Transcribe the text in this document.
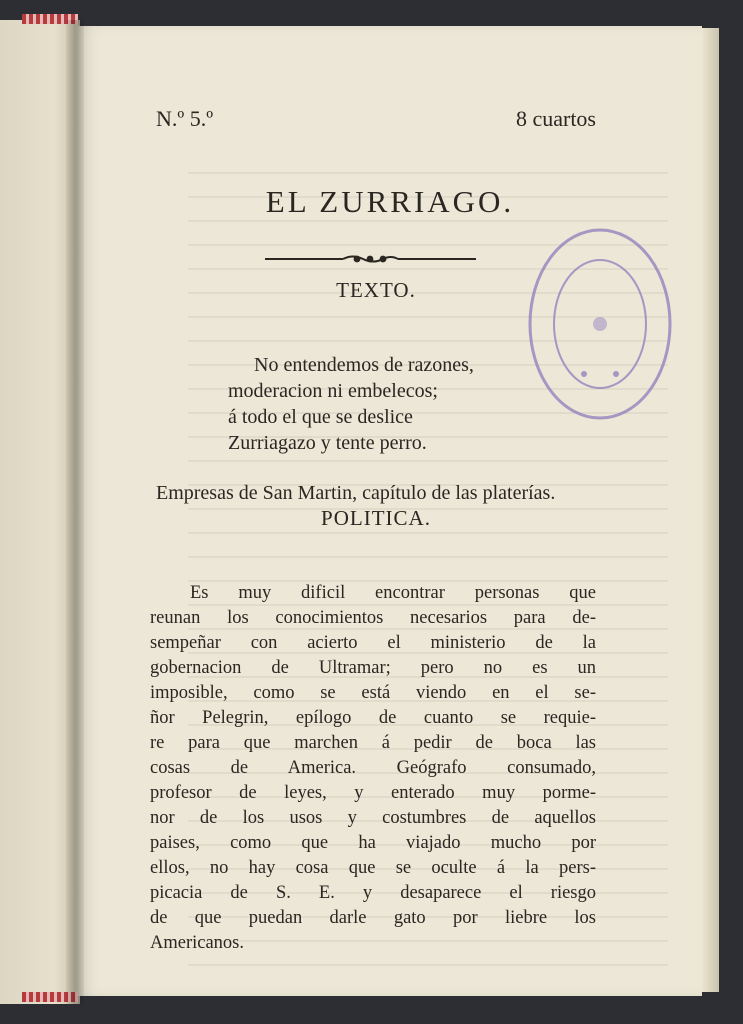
N.º 5.º	8 cuartos
EL ZURRIAGO.
TEXTO.
No entendemos de razones,
moderacion ni embelecos;
á todo el que se deslice
Zurriagazo y tente perro.
Empresas de San Martin, capítulo de las platerías.
POLITICA.
Es muy dificil encontrar personas que
reunan los conocimientos necesarios para de-
sempeñar con acierto el ministerio de la
gobernacion de Ultramar; pero no es un
imposible, como se está viendo en el se-
ñor Pelegrin, epílogo de cuanto se requie-
re para que marchen á pedir de boca las
cosas de America. Geógrafo consumado,
profesor de leyes, y enterado muy porme-
nor de los usos y costumbres de aquellos
paises, como que ha viajado mucho por
ellos, no hay cosa que se oculte á la pers-
picacia de S. E. y desaparece el riesgo
de que puedan darle gato por liebre los
Americanos.
